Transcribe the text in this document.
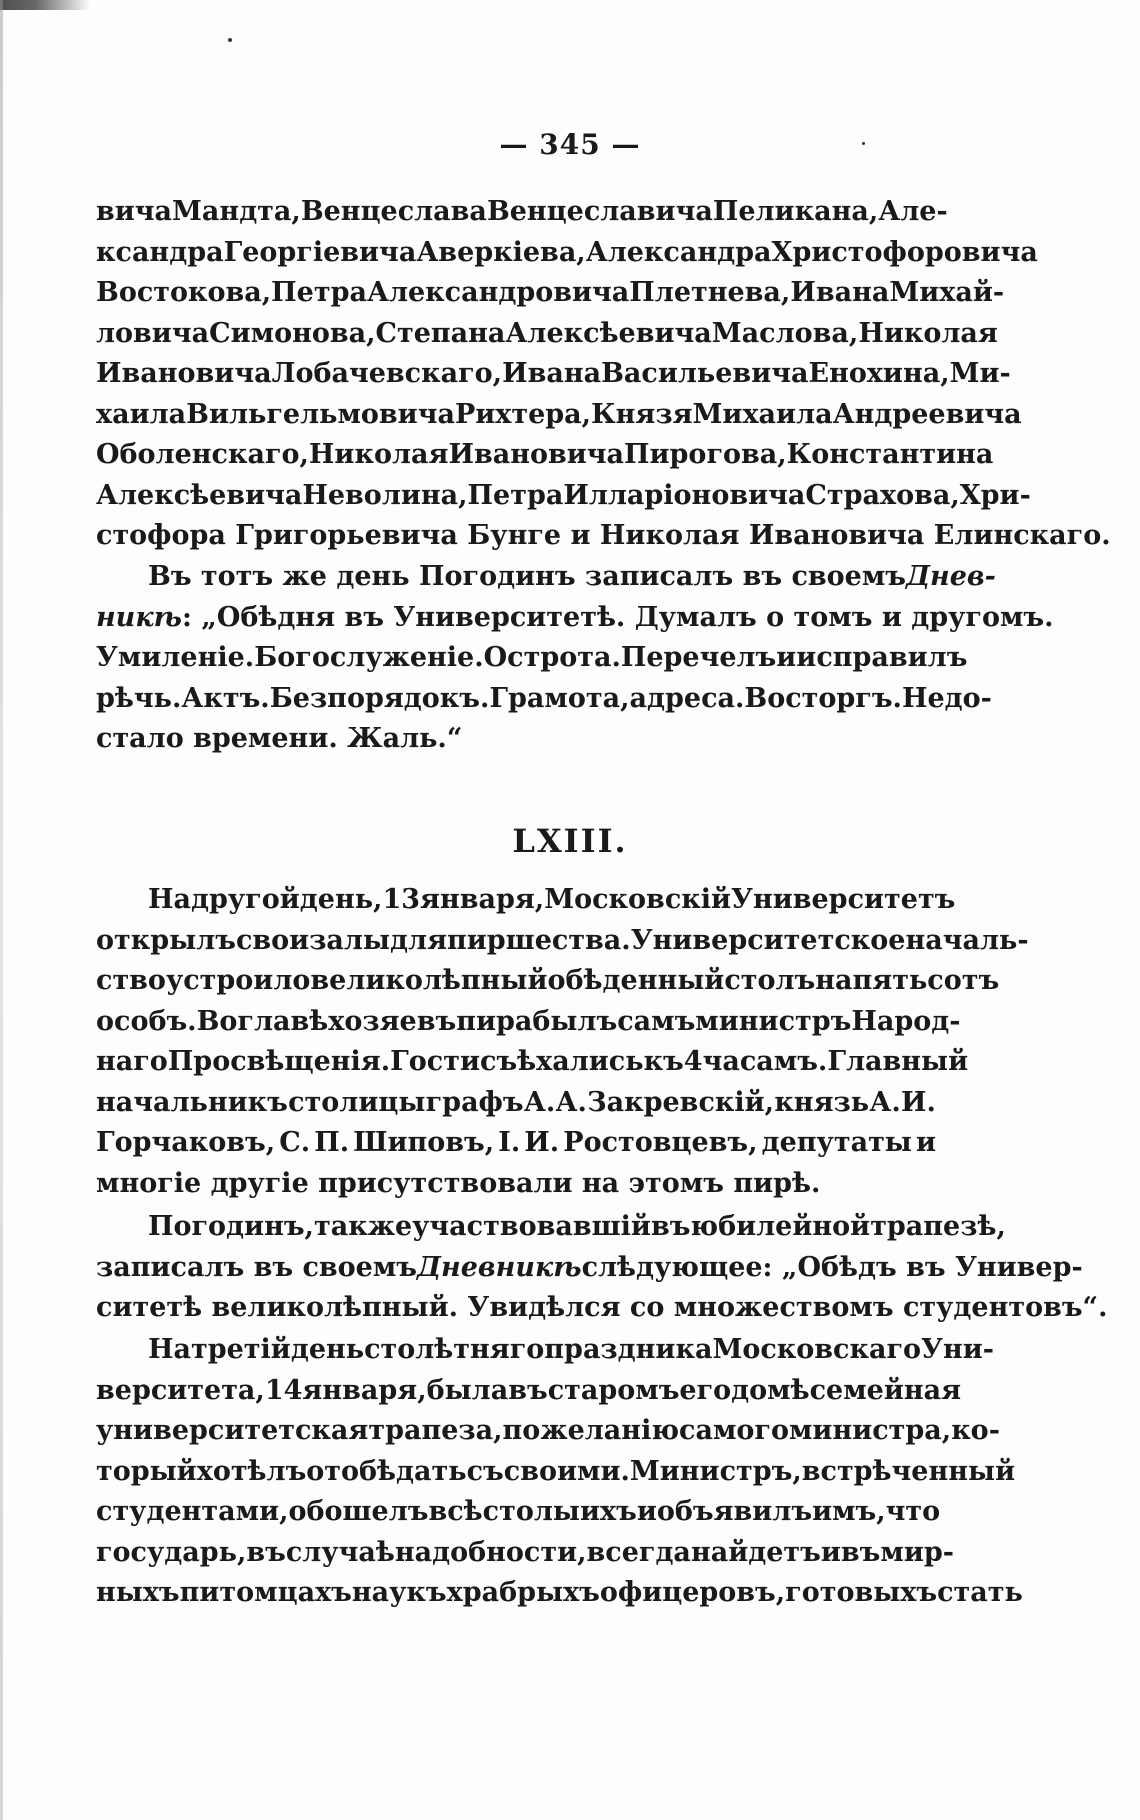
— 345 —
вича Мандта, Венцеслава Венцеславича Пеликана, Але-
ксандра Георгіевича Аверкіева, Александра Христофоровича
Востокова, Петра Александровича Плетнева, Ивана Михай-
ловича Симонова, Степана Алексѣевича Маслова, Николая
Ивановича Лобачевскаго, Ивана Васильевича Енохина, Ми-
хаила Вильгельмовича Рихтера, Князя Михаила Андреевича
Оболенскаго, Николая Ивановича Пирогова, Константина
Алексѣевича Неволина, Петра Илларіоновича Страхова, Хри-
стофора Григорьевича Бунге и Николая Ивановича Елинскаго.
Въ тотъ же день Погодинъ записалъ въ своемъ Днев-
никѣ: „Обѣдня въ Университетѣ. Думалъ о томъ и другомъ.
Умиленіе. Богослуженіе. Острота. Перечелъ и исправилъ
рѣчь. Актъ. Безпорядокъ. Грамота, адреса. Восторгъ. Не до-
сталo времени. Жаль.“
LXIII.
На другой день, 13 января, Московскій Университетъ
открылъ свои залы для пиршества. Университетское началь-
ство устроило великолѣпный обѣденный столъ на пятьсотъ
особъ. Во главѣ хозяевъ пира былъ самъ министръ Народ-
наго Просвѣщенія. Гости съѣхались къ 4 часамъ. Главный
начальникъ столицы графъ А. А. Закревскій, князь А. И.
Горчаковъ, С. П. Шиповъ, І. И. Ростовцевъ, депутаты и
многіе другіе присутствовали на этомъ пирѣ.
Погодинъ, также участвовавшій въ юбилейной трапезѣ,
записалъ въ своемъ Дневникѣ слѣдующее: „Обѣдъ въ Универ-
ситетѣ великолѣпный. Увидѣлся со множествомъ студентовъ“.
На третій день столѣтняго праздника Московскаго Уни-
верситета, 14 января, была въ старомъ его домѣ семейная
университетская трапеза, по желанію самого министра, ко-
торый хотѣлъ отобѣдать съ своими. Министръ, встрѣченный
студентами, обошелъ всѣ столы ихъ и объявилъ имъ, что
государь, въ случаѣ надобности, всегда найдетъ и въ мир-
ныхъ питомцахъ наукъ храбрыхъ офицеровъ, готовыхъ стать
